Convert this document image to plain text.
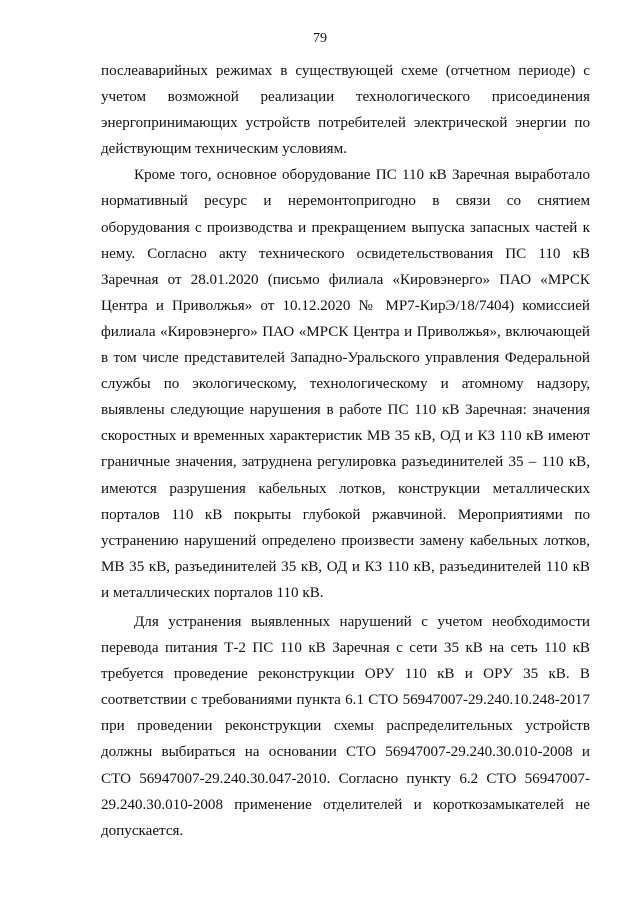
79

послеаварийных режимах в существующей схеме (отчетном периоде) с учетом возможной реализации технологического присоединения энергопринимающих устройств потребителей электрической энергии по действующим техническим условиям.

Кроме того, основное оборудование ПС 110 кВ Заречная выработало нормативный ресурс и неремонтопригодно в связи со снятием оборудования с производства и прекращением выпуска запасных частей к нему. Согласно акту технического освидетельствования ПС 110 кВ Заречная от 28.01.2020 (письмо филиала «Кировэнерго» ПАО «МРСК Центра и Приволжья» от 10.12.2020 № МР7-КирЭ/18/7404) комиссией филиала «Кировэнерго» ПАО «МРСК Центра и Приволжья», включающей в том числе представителей Западно-Уральского управления Федеральной службы по экологическому, технологическому и атомному надзору, выявлены следующие нарушения в работе ПС 110 кВ Заречная: значения скоростных и временных характеристик МВ 35 кВ, ОД и КЗ 110 кВ имеют граничные значения, затруднена регулировка разъединителей 35 – 110 кВ, имеются разрушения кабельных лотков, конструкции металлических порталов 110 кВ покрыты глубокой ржавчиной. Мероприятиями по устранению нарушений определено произвести замену кабельных лотков, МВ 35 кВ, разъединителей 35 кВ, ОД и КЗ 110 кВ, разъединителей 110 кВ и металлических порталов 110 кВ.

Для устранения выявленных нарушений с учетом необходимости перевода питания Т-2 ПС 110 кВ Заречная с сети 35 кВ на сеть 110 кВ требуется проведение реконструкции ОРУ 110 кВ и ОРУ 35 кВ. В соответствии с требованиями пункта 6.1 СТО 56947007-29.240.10.248-2017 при проведении реконструкции схемы распределительных устройств должны выбираться на основании СТО 56947007-29.240.30.010-2008 и СТО 56947007-29.240.30.047-2010. Согласно пункту 6.2 СТО 56947007-29.240.30.010-2008 применение отделителей и короткозамыкателей не допускается.
